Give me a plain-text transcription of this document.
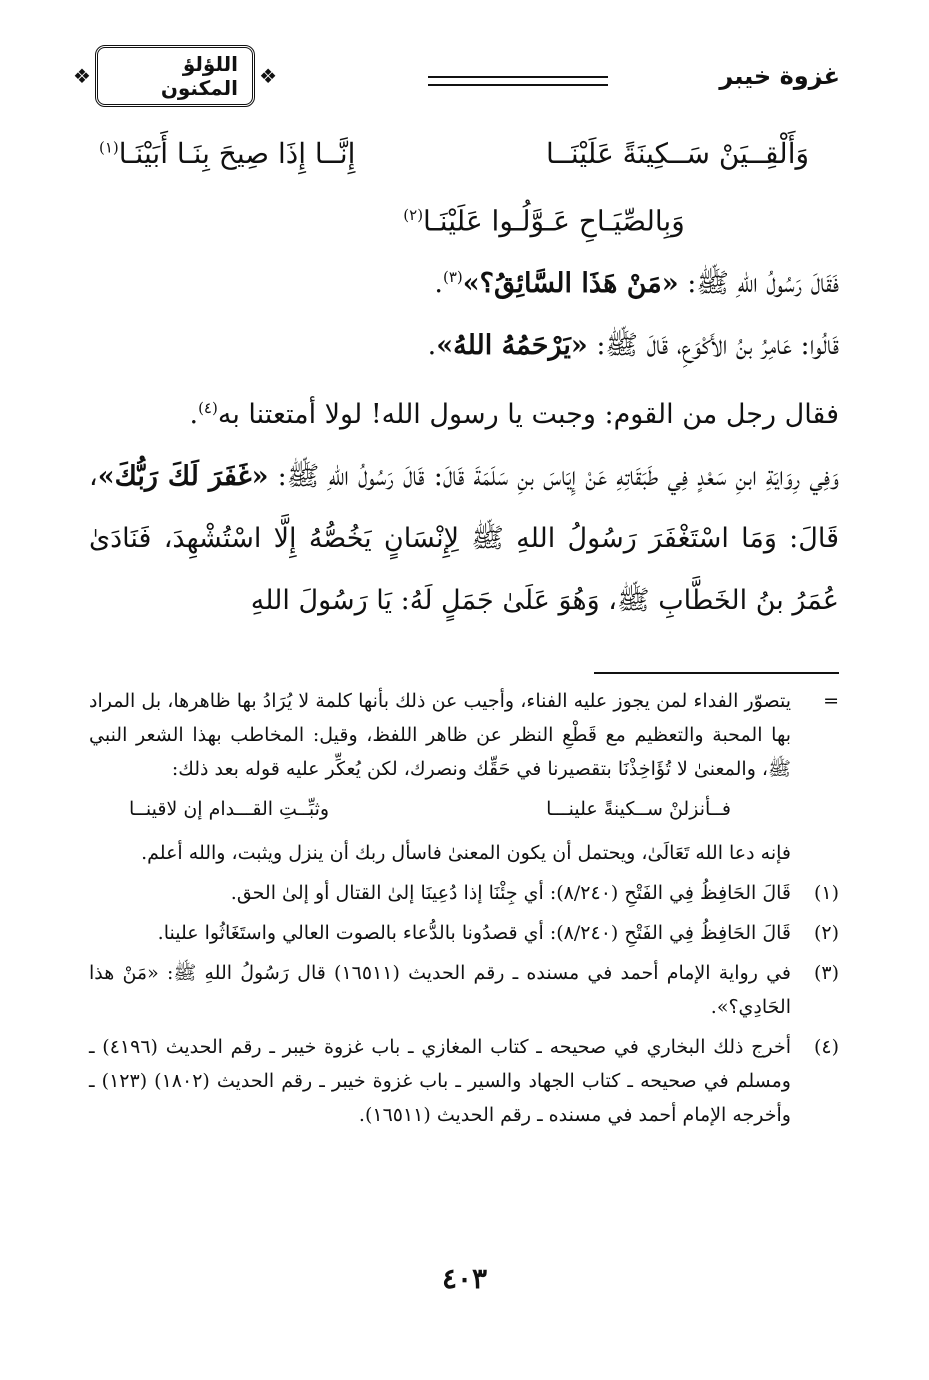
غزوة خيبر
❖
اللؤلؤ المكنون
❖
وَأَلْقِــيَنْ سَــكِينَةً عَلَيْنَــا
إِنَّــا إِذَا صِيحَ بِنَـا أَبَيْنَـا$^{(١)}$
وَبِالصِّيَـاحِ عَـوَّلُـوا عَلَيْنَـا$^{(٢)}$

فَقَالَ رَسُولُ اللهِ ﷺ: «مَنْ هَذَا السَّائِقُ؟»$^{(٣)}$.

قَالُوا: عَامِرُ بنُ الأَكْوَعِ، قَالَ ﷺ: «يَرْحَمُهُ اللهُ».

فقال رجل من القوم: وجبت يا رسول الله! لولا أمتعتنا به$^{(٤)}$.

وَفِي رِوَايَةِ ابنِ سَعْدٍ فِي طَبَقَاتِهِ عَنْ إِيَاسَ بنِ سَلَمَةَ قَالَ: قَالَ رَسُولُ اللهِ ﷺ: «غَفَرَ لَكَ رَبُّكَ»، قَالَ: وَمَا اسْتَغْفَرَ رَسُولُ اللهِ ﷺ لِإِنْسَانٍ يَخُصُّهُ إِلَّا اسْتُشْهِدَ، فَنَادَىٰ عُمَرُ بنُ الخَطَّابِ ﷺ، وَهُوَ عَلَىٰ جَمَلٍ لَهُ: يَا رَسُولَ اللهِ

=
يتصوّر الفداء لمن يجوز عليه الفناء، وأجيب عن ذلك بأنها كلمة لا يُرَادُ بها ظاهرها، بل المراد بها المحبة والتعظيم مع قَطْعِ النظر عن ظاهر اللفظ، وقيل: المخاطب بهذا الشعر النبي ﷺ، والمعنىٰ لا تُؤَاخِذْنَا بتقصيرنا في حَقِّك ونصرك، لكن يُعكِّر عليه قوله بعد ذلك:
فــأنزلنْ ســكينةً علينـــا
وثبِّــتِ القـــدام إن لاقينــا
فإنه دعا الله تَعَالَىٰ، ويحتمل أن يكون المعنىٰ فاسأل ربك أن ينزل ويثبت، والله أعلم.
(١)
قَالَ الحَافِظُ فِي الفَتْحِ (٨/٢٤٠): أي جِئْنَا إذا دُعِينَا إلىٰ القتال أو إلىٰ الحق.
(٢)
قَالَ الحَافِظُ فِي الفَتْحِ (٨/٢٤٠): أي قصدُونا بالدُّعاء بالصوت العالي واستَغَاثُوا علينا.
(٣)
في رواية الإمام أحمد في مسنده ـ رقم الحديث (١٦٥١١) قال رَسُولُ اللهِ ﷺ: «مَنْ هذا الحَادِي؟».
(٤)
أخرج ذلك البخاري في صحيحه ـ كتاب المغازي ـ باب غزوة خيبر ـ رقم الحديث (٤١٩٦) ـ ومسلم في صحيحه ـ كتاب الجهاد والسير ـ باب غزوة خيبر ـ رقم الحديث (١٨٠٢) (١٢٣) ـ وأخرجه الإمام أحمد في مسنده ـ رقم الحديث (١٦٥١١).
٤٠٣
